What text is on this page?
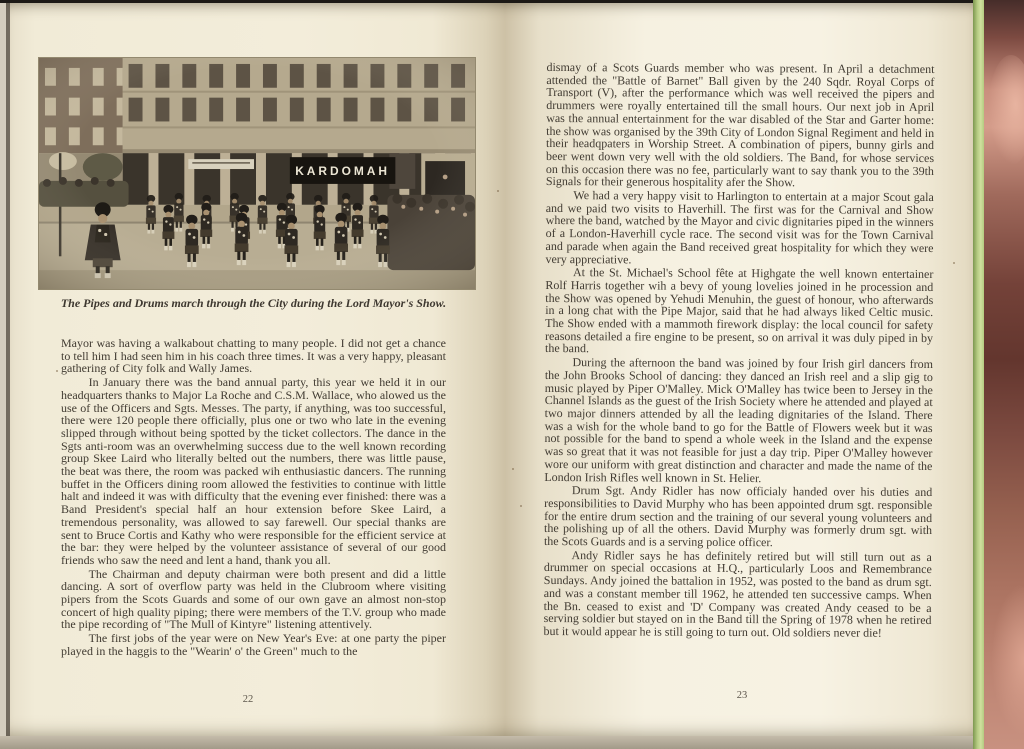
The Pipes and Drums march through the City during the Lord Mayor's Show.

Mayor was having a walkabout chatting to many people. I did not get a chance to tell him I had seen him in his coach three times. It was a very happy, pleasant gathering of City folk and Wally James.

In January there was the band annual party, this year we held it in our headquarters thanks to Major La Roche and C.S.M. Wallace, who alowed us the use of the Officers and Sgts. Messes. The party, if anything, was too successful, there were 120 people there officially, plus one or two who late in the evening slipped through without being spotted by the ticket collectors. The dance in the Sgts anti-room was an overwhelming success due to the well known recording group Skee Laird who literally belted out the numbers, there was little pause, the beat was there, the room was packed wih enthusiastic dancers. The running buffet in the Officers dining room allowed the festivities to continue with little halt and indeed it was with difficulty that the evening ever finished: there was a Band President's special half an hour extension before Skee Laird, a tremendous personality, was allowed to say farewell. Our special thanks are sent to Bruce Cortis and Kathy who were responsible for the efficient service at the bar: they were helped by the volunteer assistance of several of our good friends who saw the need and lent a hand, thank you all.

The Chairman and deputy chairman were both present and did a little dancing. A sort of overflow party was held in the Clubroom where visiting pipers from the Scots Guards and some of our own gave an almost non-stop concert of high quality piping; there were members of the T.V. group who made the pipe recording of "The Mull of Kintyre" listening attentively.

The first jobs of the year were on New Year's Eve: at one party the piper played in the haggis to the "Wearin' o' the Green" much to the

dismay of a Scots Guards member who was present. In April a detachment attended the "Battle of Barnet" Ball given by the 240 Sqdr. Royal Corps of Transport (V), after the performance which was well received the pipers and drummers were royally entertained till the small hours. Our next job in April was the annual entertainment for the war disabled of the Star and Garter home: the show was organised by the 39th City of London Signal Regiment and held in their headqpaters in Worship Street. A combination of pipers, bunny girls and beer went down very well with the old soldiers. The Band, for whose services on this occasion there was no fee, particularly want to say thank you to the 39th Signals for their generous hospitality afer the Show.

We had a very happy visit to Harlington to entertain at a major Scout gala and we paid two visits to Haverhill. The first was for the Carnival and Show where the band, watched by the Mayor and civic dignitaries piped in the winners of a London-Haverhill cycle race. The second visit was for the Town Carnival and parade when again the Band received great hospitality for which they were very appreciative.

At the St. Michael's School fête at Highgate the well known entertainer Rolf Harris together wih a bevy of young lovelies joined in he procession and the Show was opened by Yehudi Menuhin, the guest of honour, who afterwards in a long chat with the Pipe Major, said that he had always liked Celtic music. The Show ended with a mammoth firework display: the local council for safety reasons detailed a fire engine to be present, so on arrival it was duly piped in by the band.

During the afternoon the band was joined by four Irish girl dancers from the John Brooks School of dancing: they danced an Irish reel and a slip gig to music played by Piper O'Malley. Mick O'Malley has twice been to Jersey in the Channel Islands as the guest of the Irish Society where he attended and played at two major dinners attended by all the leading dignitaries of the Island. There was a wish for the whole band to go for the Battle of Flowers week but it was not possible for the band to spend a whole week in the Island and the expense was so great that it was not feasible for just a day trip. Piper O'Malley however wore our uniform with great distinction and character and made the name of the London Irish Rifles well known in St. Helier.

Drum Sgt. Andy Ridler has now officialy handed over his duties and responsibilities to David Murphy who has been appointed drum sgt. responsible for the entire drum section and the training of our several young volunteers and the polishing up of all the others. David Murphy was formerly drum sgt. with the Scots Guards and is a serving police officer.

Andy Ridler says he has definitely retired but will still turn out as a drummer on special occasions at H.Q., particularly Loos and Remembrance Sundays. Andy joined the battalion in 1952, was posted to the band as drum sgt. and was a constant member till 1962, he attended ten successive camps. When the Bn. ceased to exist and 'D' Company was created Andy ceased to be a serving soldier but stayed on in the Band till the Spring of 1978 when he retired but it would appear he is still going to turn out. Old soldiers never die!

22	23
